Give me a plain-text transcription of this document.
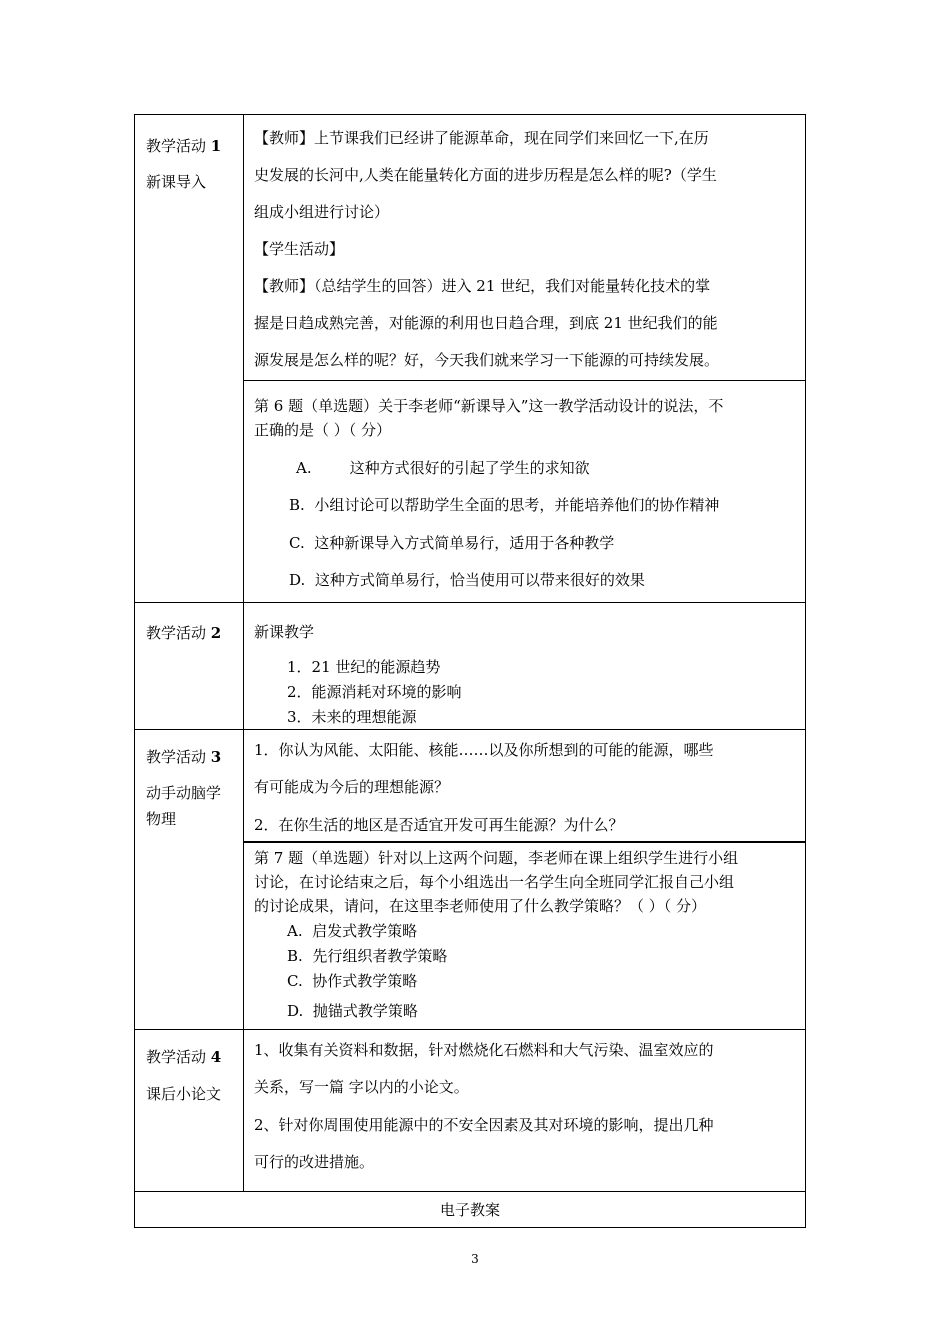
教学活动 1
新课导入
【教师】上节课我们已经讲了能源革命，现在同学们来回忆一下,在历
史发展的长河中,人类在能量转化方面的进步历程是怎么样的呢?（学生
组成小组进行讨论）
【学生活动】
【教师】（总结学生的回答）进入 21 世纪，我们对能量转化技术的掌
握是日趋成熟完善，对能源的利用也日趋合理，到底 21 世纪我们的能
源发展是怎么样的呢？好，今天我们就来学习一下能源的可持续发展。
第 6 题（单选题）关于李老师“新课导入”这一教学活动设计的说法，不
正确的是（ ）（ 分）
A.	这种方式很好的引起了学生的求知欲
B. 小组讨论可以帮助学生全面的思考，并能培养他们的协作精神
C. 这种新课导入方式简单易行，适用于各种教学
D. 这种方式简单易行，恰当使用可以带来很好的效果
教学活动 2 新课教学
1．21 世纪的能源趋势
2．能源消耗对环境的影响
3．未来的理想能源
教学活动 3
动手动脑学
物理
1．你认为风能、太阳能、核能……以及你所想到的可能的能源，哪些
有可能成为今后的理想能源？
2．在你生活的地区是否适宜开发可再生能源？为什么？
第 7 题（单选题）针对以上这两个问题，李老师在课上组织学生进行小组
讨论，在讨论结束之后，每个小组选出一名学生向全班同学汇报自己小组
的讨论成果，请问，在这里李老师使用了什么教学策略？（ ）（ 分）
A. 启发式教学策略
B. 先行组织者教学策略
C. 协作式教学策略
D. 抛锚式教学策略
教学活动 4
课后小论文
1、收集有关资料和数据，针对燃烧化石燃料和大气污染、温室效应的
关系，写一篇 字以内的小论文。
2、针对你周围使用能源中的不安全因素及其对环境的影响，提出几种
可行的改进措施。
电子教案
3
